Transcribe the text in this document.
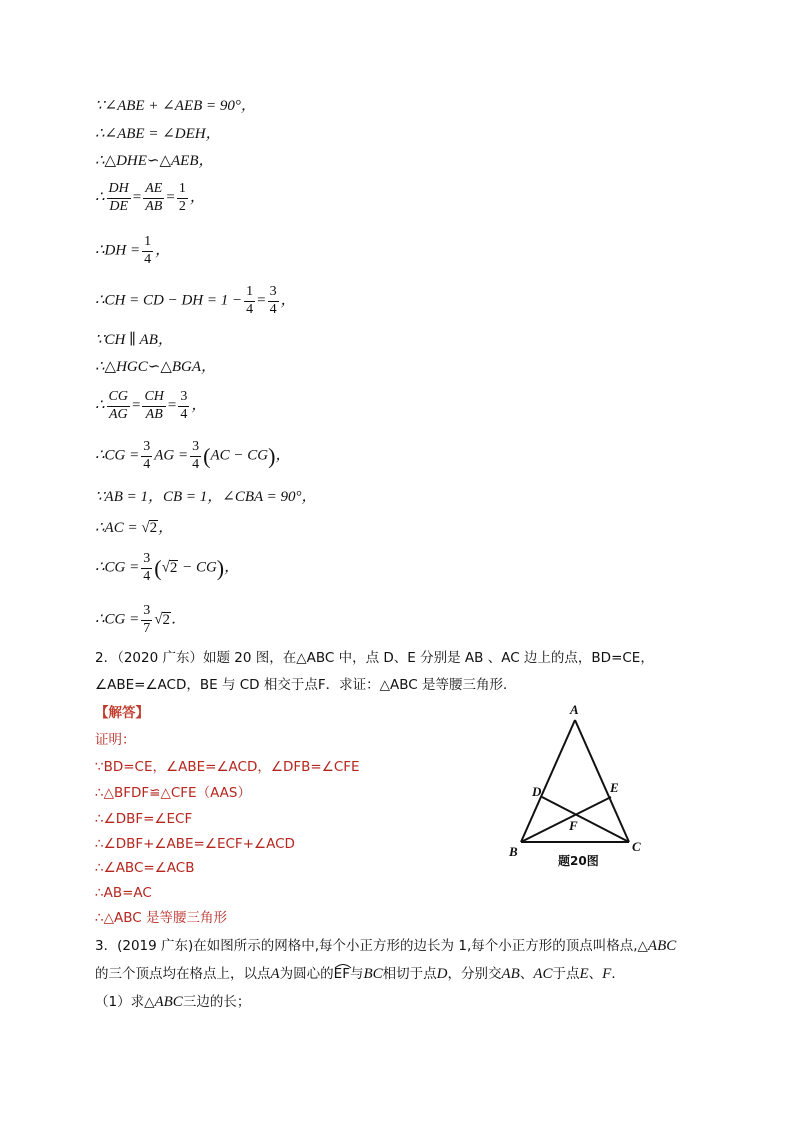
∵∠ABE + ∠AEB = 90°，
∴∠ABE = ∠DEH，
∴△DHE∽△AEB，
∴ $\frac{DH}{DE} = \frac{AE}{AB} = \frac{1}{2}$ ，
∴DH = $\frac{1}{4}$ ，
∴CH = CD − DH = $1 - \frac{1}{4} = \frac{3}{4}$ ，
∵CH ∥ AB，
∴△HGC∽△BGA，
∴ $\frac{CG}{AG} = \frac{CH}{AB} = \frac{3}{4}$ ，
∴CG = $\frac{3}{4}$ AG = $\frac{3}{4} (AC - CG)$，
∵AB = 1，CB = 1，∠CBA = 90°，
∴AC = √2，
∴CG = $\frac{3}{4} (√2 - CG)$，
∴CG = $\frac{3}{7} √2$．
2．（2020 广东）如题 20 图，在△ABC 中，点 D、E 分别是 AB 、AC 边上的点，BD=CE，
∠ABE=∠ACD，BE 与 CD 相交于点F．求证：△ABC 是等腰三角形．
【解答】
证明：
∵BD=CE，∠ABE=∠ACD，∠DFB=∠CFE
∴△BFDF≌△CFE（AAS）
∴∠DBF=∠ECF
∴∠DBF+∠ABE=∠ECF+∠ACD
∴∠ABC=∠ACB
∴AB=AC
∴△ABC 是等腰三角形
A
B	C
D	E
F
题20图
3．(2019 广东)在如图所示的网格中,每个小正方形的边长为 1,每个小正方形的顶点叫格点,△ABC
的三个顶点均在格点上，以点A为圆心的
EF与BC相切于点D，分别交AB、AC于点E、F．
（1）求△ABC三边的长；
